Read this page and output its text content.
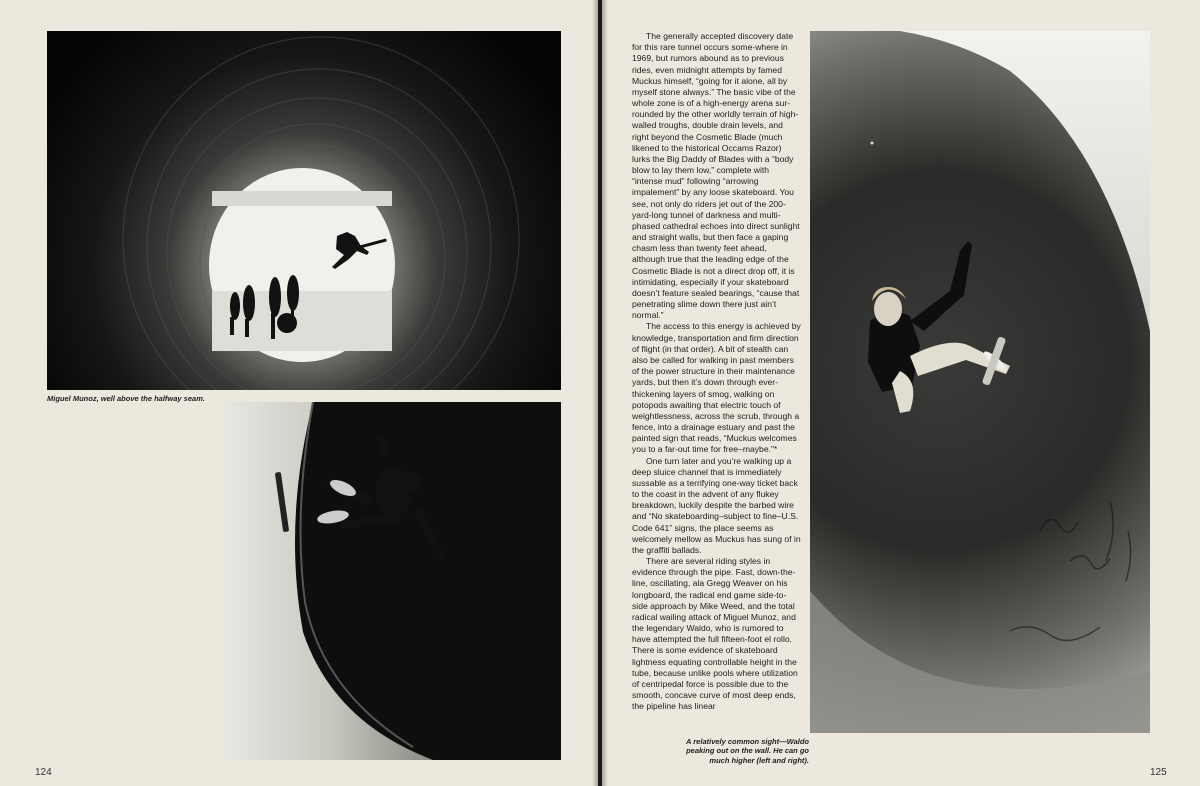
Miguel Munoz, well above the halfway seam.
124

The generally accepted discovery date for this rare tunnel occurs some-where in 1969, but rumors abound as to previous rides, even midnight attempts by famed Muckus himself, “going for it alone, all by myself stone always.” The basic vibe of the whole zone is of a high-energy arena sur-rounded by the other worldly terrain of high-walled troughs, double drain levels, and right beyond the Cosmetic Blade (much likened to the historical Occams Razor) lurks the Big Daddy of Blades with a “body blow to lay them low,” complete with “intense mud” following “arrowing impalement” by any loose skateboard. You see, not only do riders jet out of the 200-yard-long tunnel of darkness and multi-phased cathedral echoes into direct sunlight and straight walls, but then face a gaping chasm less than twenty feet ahead, although true that the leading edge of the Cosmetic Blade is not a direct drop off, it is intimidating, especially if your skateboard doesn’t feature sealed bearings, “cause that penetrating slime down there just ain’t normal.”

The access to this energy is achieved by knowledge, transportation and firm direction of flight (in that order). A bit of stealth can also be called for walking in past members of the power structure in their maintenance yards, but then it’s down through ever-thickening layers of smog, walking on potopods awaiting that electric touch of weightlessness, across the scrub, through a fence, into a drainage estuary and past the painted sign that reads, “Muckus welcomes you to a far-out time for free–maybe.”*

One turn later and you’re walking up a deep sluice channel that is immediately sussable as a terrifying one-way ticket back to the coast in the advent of any flukey breakdown, luckily despite the barbed wire and “No skateboarding–subject to fine–U.S. Code 641” signs, the place seems as welcomely mellow as Muckus has sung of in the graffiti ballads.

There are several riding styles in evidence through the pipe. Fast, down-the-line, oscillating, ala Gregg Weaver on his longboard, the radical end game side-to-side approach by Mike Weed, and the total radical wailing attack of Miguel Munoz, and the legendary Waldo, who is rumored to have attempted the full fifteen-foot el rollo. There is some evidence of skateboard lightness equating controllable height in the tube, because unlike pools where utilization of centripedal force is possible due to the smooth, concave curve of most deep ends, the pipeline has linear

A relatively common sight—Waldo peaking out on the wall. He can go much higher (left and right).
125
